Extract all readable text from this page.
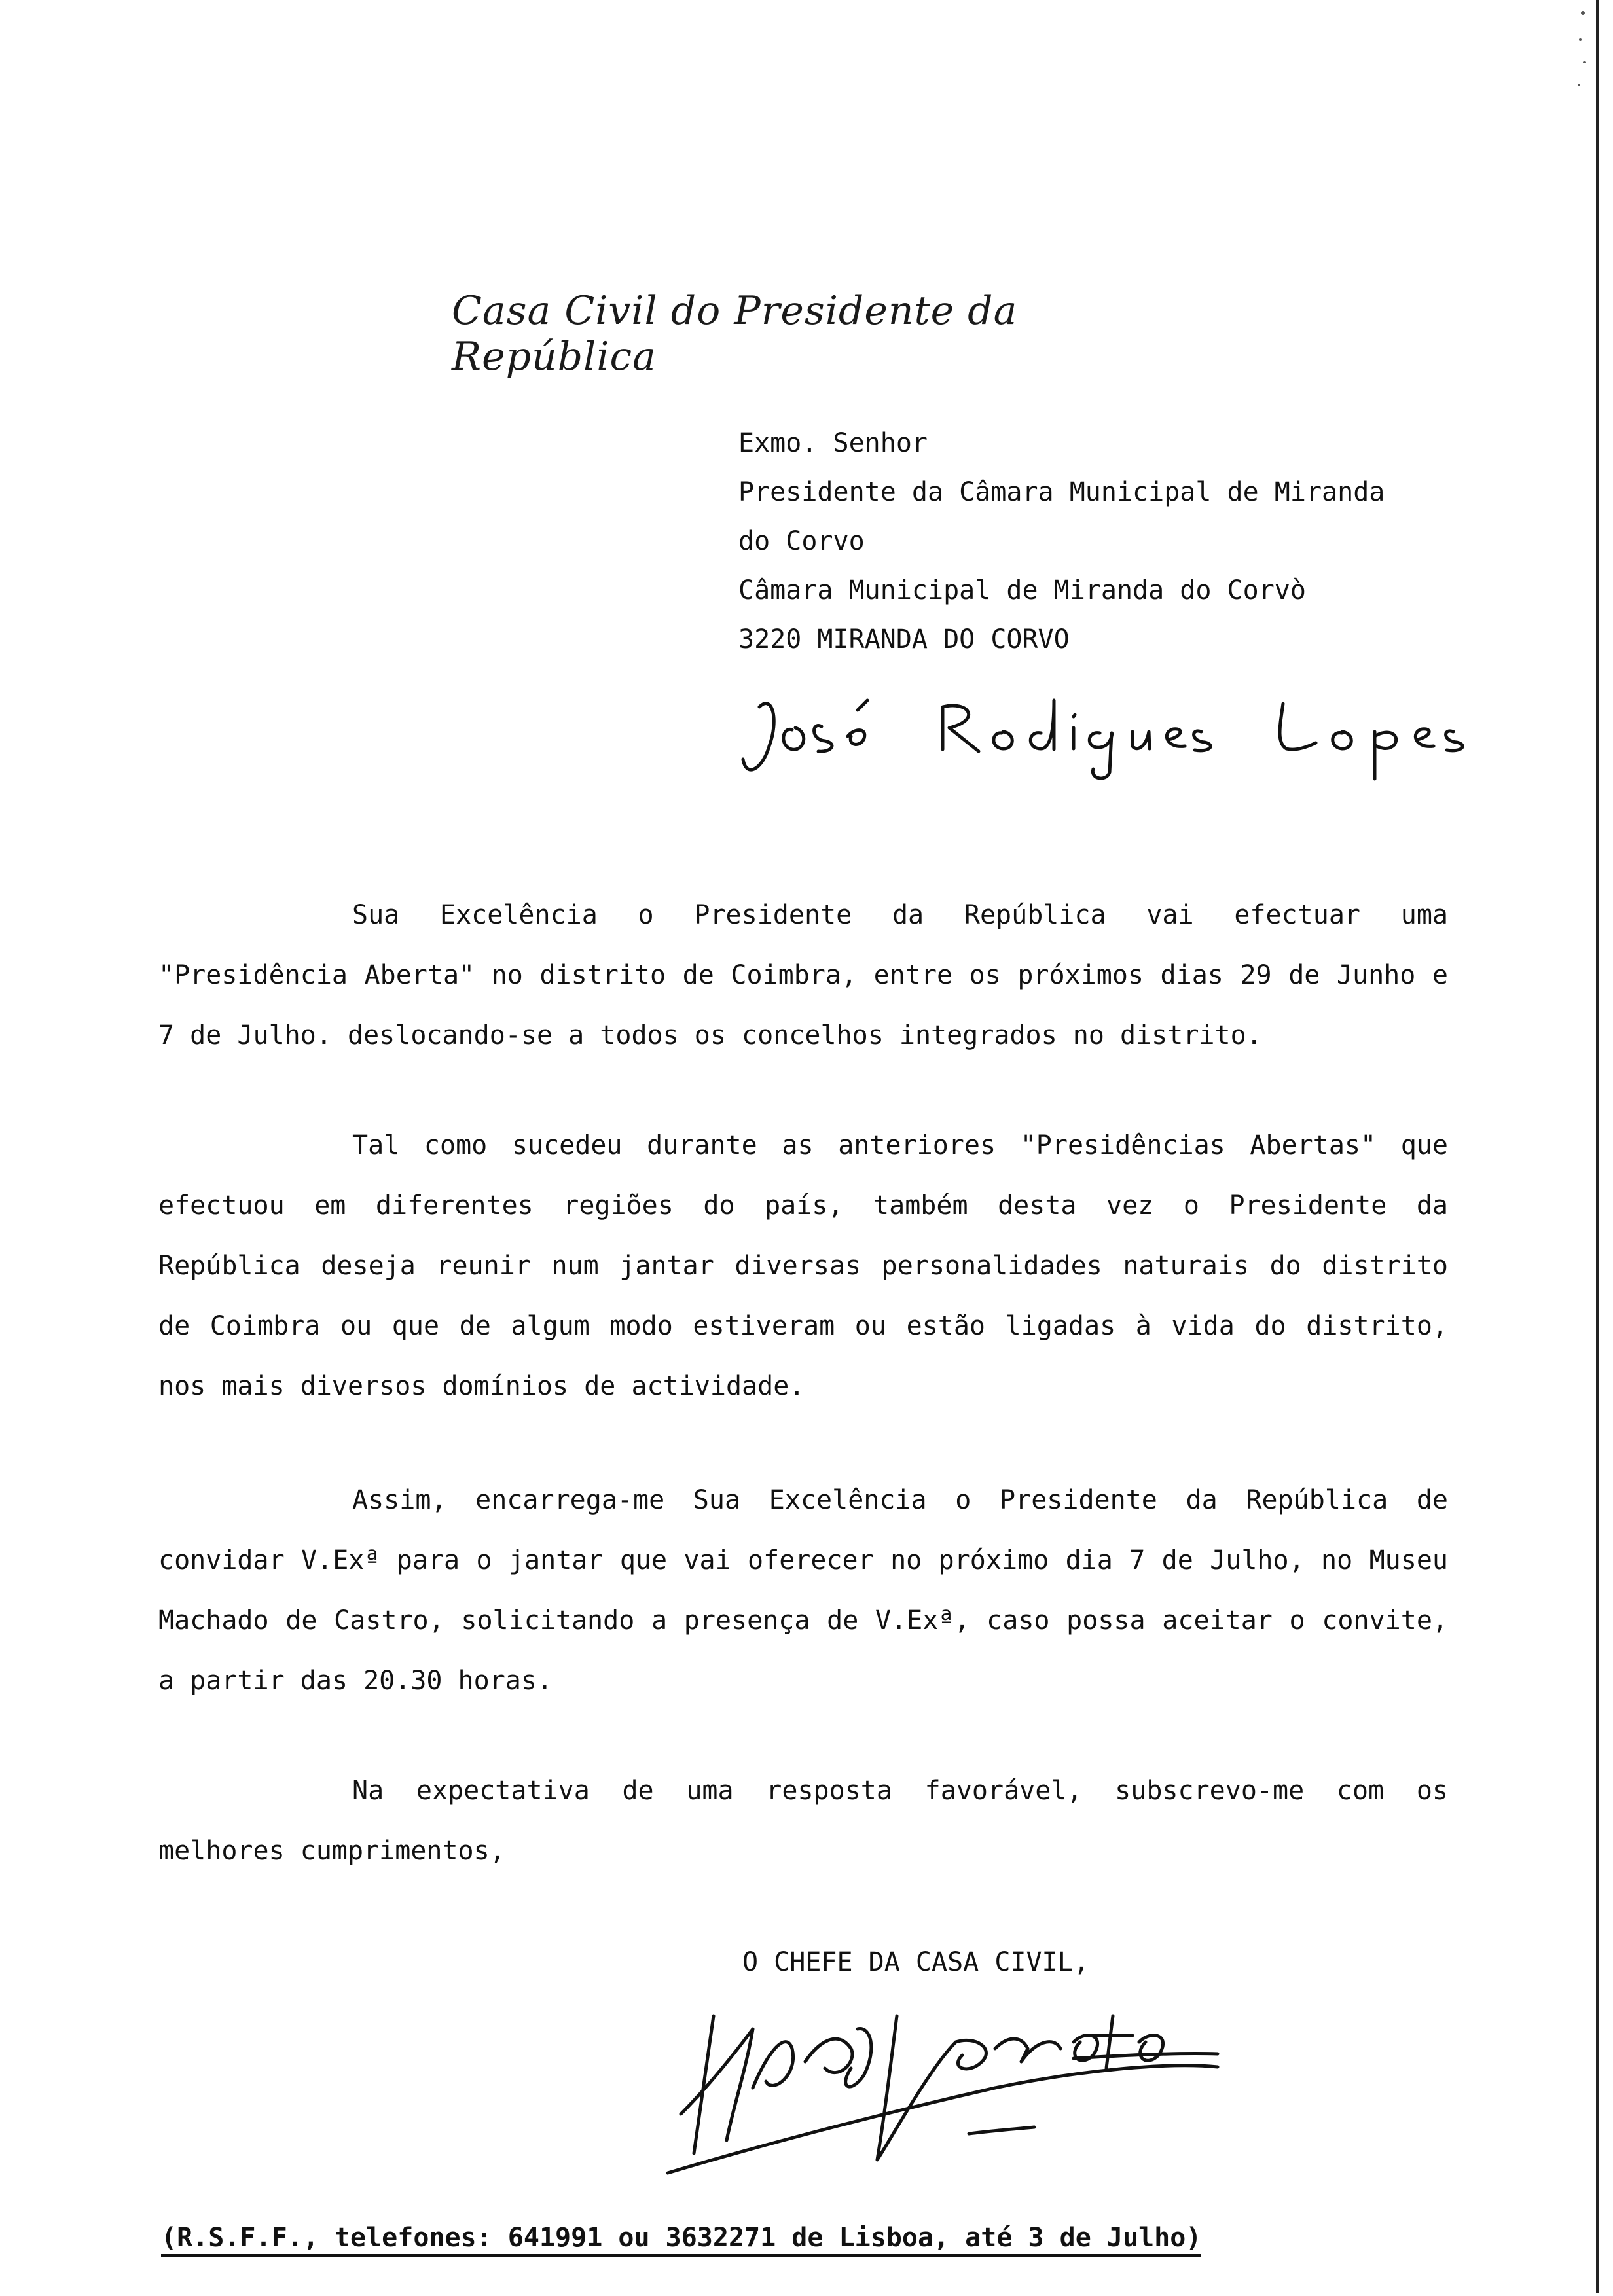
Casa Civil do Presidente da República
Exmo. Senhor
Presidente da Câmara Municipal de Miranda
do Corvo
Câmara Municipal de Miranda do Corvò
3220 MIRANDA DO CORVO
Sua Excelência o Presidente da República vai efectuar uma "Presidência Aberta" no distrito de Coimbra, entre os próximos dias 29 de Junho e 7 de Julho. deslocando-se a todos os concelhos integrados no distrito.
Tal como sucedeu durante as anteriores "Presidências Abertas" que efectuou em diferentes regiões do país, também desta vez o Presidente da República deseja reunir num jantar diversas personalidades naturais do distrito de Coimbra ou que de algum modo estiveram ou estão ligadas à vida do distrito, nos mais diversos domínios de actividade.
Assim, encarrega-me Sua Excelência o Presidente da República de convidar V.Exª para o jantar que vai oferecer no próximo dia 7 de Julho, no Museu Machado de Castro, solicitando a presença de V.Exª, caso possa aceitar o convite, a partir das 20.30 horas.
Na expectativa de uma resposta favorável, subscrevo-me com os melhores cumprimentos,
O CHEFE DA CASA CIVIL,
(R.S.F.F., telefones: 641991 ou 3632271 de Lisboa, até 3 de Julho)
